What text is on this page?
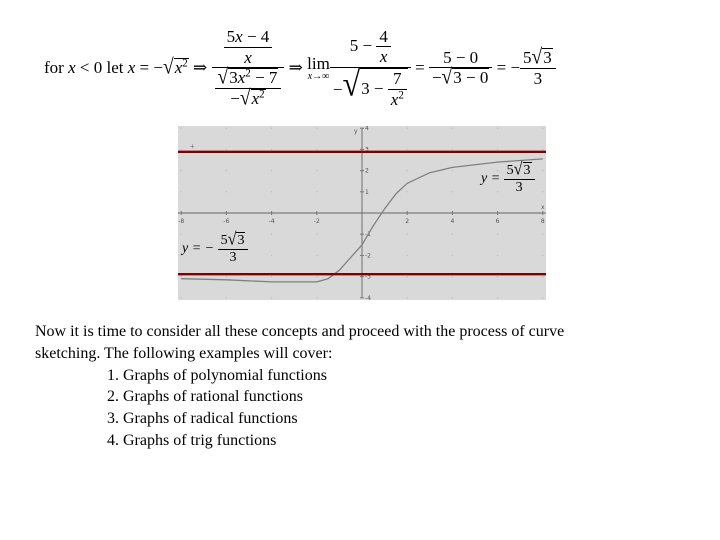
for x < 0 let x = − √ $x^2$
⇒
$\frac{\frac{5x - 4}{x}}{\frac{√ 3x^2 - 7}{- √ x^2}}$
⇒
lim
x→∞ $5 - \frac{4}{x}$
− √ 3 −
$\frac{7}{x^2}$
=
$\frac{5 - 0}{- √ 3 - 0}$
= − $\frac{5 √ 3}{3}$
-8	-6	-4	-2	2	4	6	8
4
3
2
1
-1
-2
-3
-4
x
y
+
y =
$\frac{5 √ 3}{3}$
y = −
$\frac{5 √ 3}{3}$
Now it is time to consider all these concepts and proceed with the process of curve
sketching. The following examples will cover:
1. Graphs of polynomial functions
2. Graphs of rational functions
3. Graphs of radical functions
4. Graphs of trig functions
